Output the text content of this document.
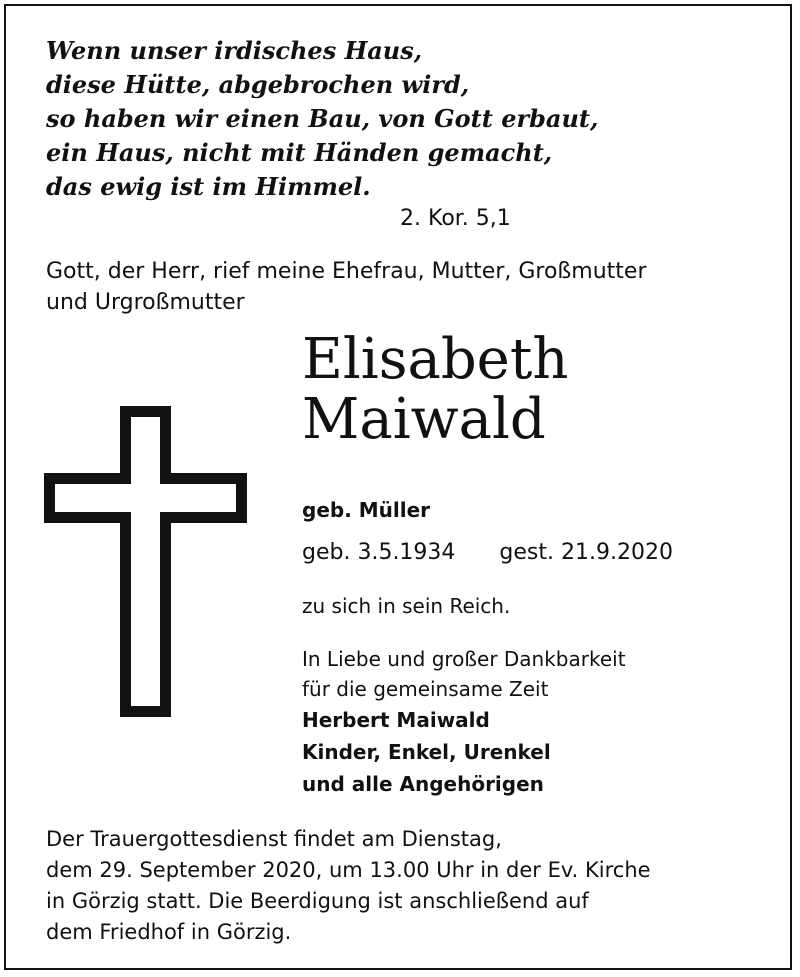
Wenn unser irdisches Haus,
diese Hütte, abgebrochen wird,
so haben wir einen Bau, von Gott erbaut,
ein Haus, nicht mit Händen gemacht,
das ewig ist im Himmel.
2. Kor. 5,1
Gott, der Herr, rief meine Ehefrau, Mutter, Großmutter
und Urgroßmutter
Elisabeth
Maiwald
geb. Müller
geb. 3.5.1934 gest. 21.9.2020
zu sich in sein Reich.
In Liebe und großer Dankbarkeit
für die gemeinsame Zeit
Herbert Maiwald
Kinder, Enkel, Urenkel
und alle Angehörigen
Der Trauergottesdienst findet am Dienstag,
dem 29. September 2020, um 13.00 Uhr in der Ev. Kirche
in Görzig statt. Die Beerdigung ist anschließend auf
dem Friedhof in Görzig.
